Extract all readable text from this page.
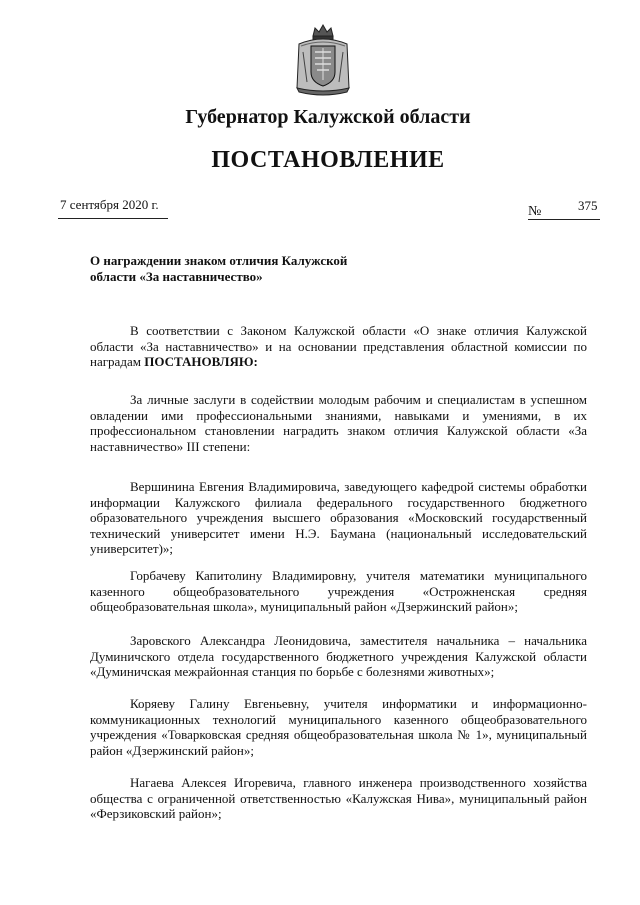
Губернатор Калужской области
ПОСТАНОВЛЕНИЕ
7 сентября 2020 г.	№	375
О награждении знаком отличия Калужской области «За наставничество»

В соответствии с Законом Калужской области «О знаке отличия Калужской области «За наставничество» и на основании представления областной комиссии по наградам ПОСТАНОВЛЯЮ:

За личные заслуги в содействии молодым рабочим и специалистам в успешном овладении ими профессиональными знаниями, навыками и умениями, в их профессиональном становлении наградить знаком отличия Калужской области «За наставничество» III степени:

Вершинина Евгения Владимировича, заведующего кафедрой системы обработки информации Калужского филиала федерального государственного бюджетного образовательного учреждения высшего образования «Московский государственный технический университет имени Н.Э. Баумана (национальный исследовательский университет)»;

Горбачеву Капитолину Владимировну, учителя математики муниципального казенного общеобразовательного учреждения «Острожненская средняя общеобразовательная школа», муниципальный район «Дзержинский район»;

Заровского Александра Леонидовича, заместителя начальника – начальника Думиничского отдела государственного бюджетного учреждения Калужской области «Думиничская межрайонная станция по борьбе с болезнями животных»;

Коряеву Галину Евгеньевну, учителя информатики и информационно-коммуникационных технологий муниципального казенного общеобразовательного учреждения «Товарковская средняя общеобразовательная школа № 1», муниципальный район «Дзержинский район»;

Нагаева Алексея Игоревича, главного инженера производственного хозяйства общества с ограниченной ответственностью «Калужская Нива», муниципальный район «Ферзиковский район»;
